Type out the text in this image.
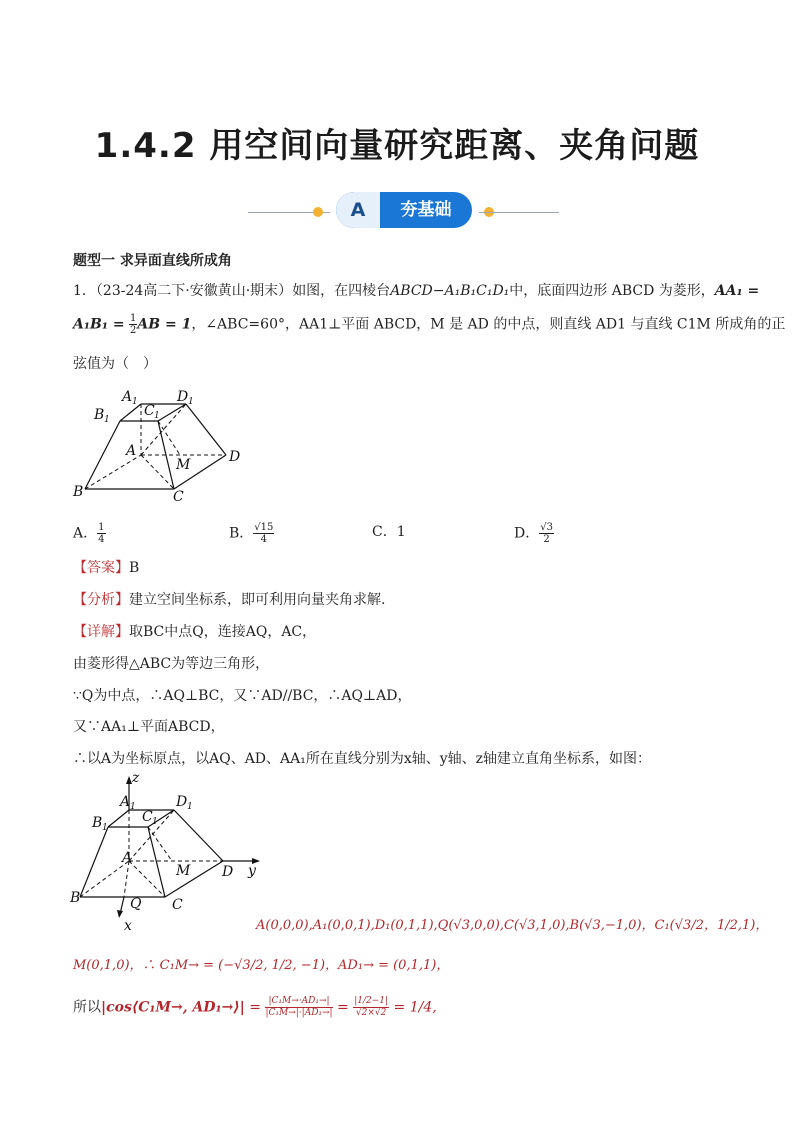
1.4.2 用空间向量研究距离、夹角问题
A	夯基础
题型一 求异面直线所成角
1．（23-24高二下·安徽黄山·期末）如图，在四棱台ABCD−A₁B₁C₁D₁中，底面四边形 ABCD 为菱形，AA₁ =
$A_1B_1 = \frac{1}{2}$ AB = 1，∠ABC=60°，AA1⊥平面 ABCD，M 是 AD 的中点，则直线 AD1 与直线 C1M 所成角的正
弦值为（　）
A 1
B 1
C 1
D 1
A
M	D
B	C
A． $\frac{1}{4}$	B． $\frac{√15}{4}$	C．1	D． $\frac{√3}{2}$
【答案】B
【分析】建立空间坐标系，即可利用向量夹角求解.
【详解】取BC中点Q，连接AQ，AC，
由菱形得△ABC为等边三角形，
∵Q为中点，∴AQ⊥BC，又∵AD//BC，∴AQ⊥AD，
又∵AA₁⊥平面ABCD，
∴以A为坐标原点，以AQ、AD、AA₁所在直线分别为x轴、y轴、z轴建立直角坐标系，如图：
z
A 1
B 1
C 1
D 1
A
M D y
B	Q C
x	A(0,0,0),A₁(0,0,1),D₁(0,1,1),Q(√3,0,0),C(√3,1,0),B(√3,−1,0)，C₁(√3/2，1/2,1)，
M(0,1,0)，∴ C₁M→ = (−√3/2, 1/2, −1)，AD₁→ = (0,1,1)，
所以|cos⟨C₁M→, AD₁→⟩| = $\frac{\text{|C₁M→·AD₁→|}}{\text{|C₁M→|·|AD₁→|}} = \frac{|1/2-1|}{√2\times√2} = 1/4$,
